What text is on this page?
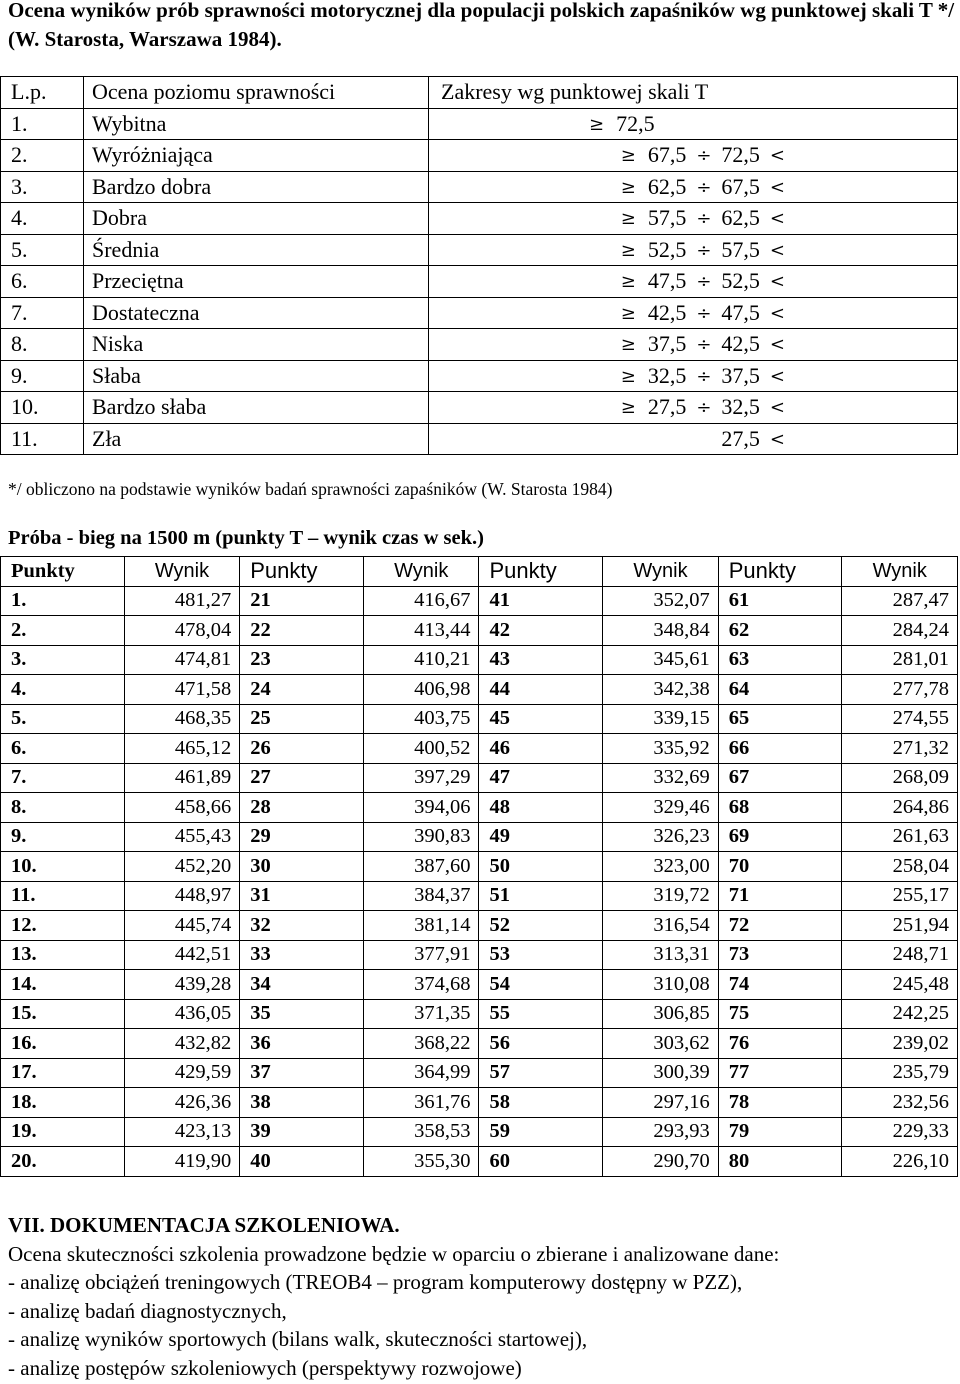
Ocena wyników prób sprawności motorycznej dla populacji polskich zapaśników wg punktowej skali T */ (W. Starosta, Warszawa 1984).
L.p.	Ocena poziomu sprawności	Zakresy wg punktowej skali T
1.	Wybitna	≥ 72,5
2.	Wyróżniająca	≥ 67,5 ÷ 72,5 <
3.	Bardzo dobra	≥ 62,5 ÷ 67,5 <
4.	Dobra	≥ 57,5 ÷ 62,5 <
5.	Średnia	≥ 52,5 ÷ 57,5 <
6.	Przeciętna	≥ 47,5 ÷ 52,5 <
7.	Dostateczna	≥ 42,5 ÷ 47,5 <
8.	Niska	≥ 37,5 ÷ 42,5 <
9.	Słaba	≥ 32,5 ÷ 37,5 <
10.	Bardzo słaba	≥ 27,5 ÷ 32,5 <
11.	Zła	27,5 <
*/ obliczono na podstawie wyników badań sprawności zapaśników (W. Starosta 1984)
Próba - bieg na 1500 m (punkty T – wynik czas w sek.)
Punkty	Wynik	Punkty	Wynik	Punkty	Wynik	Punkty	Wynik
1.	481,27	21	416,67	41	352,07	61	287,47
2.	478,04	22	413,44	42	348,84	62	284,24
3.	474,81	23	410,21	43	345,61	63	281,01
4.	471,58	24	406,98	44	342,38	64	277,78
5.	468,35	25	403,75	45	339,15	65	274,55
6.	465,12	26	400,52	46	335,92	66	271,32
7.	461,89	27	397,29	47	332,69	67	268,09
8.	458,66	28	394,06	48	329,46	68	264,86
9.	455,43	29	390,83	49	326,23	69	261,63
10.	452,20	30	387,60	50	323,00	70	258,04
11.	448,97	31	384,37	51	319,72	71	255,17
12.	445,74	32	381,14	52	316,54	72	251,94
13.	442,51	33	377,91	53	313,31	73	248,71
14.	439,28	34	374,68	54	310,08	74	245,48
15.	436,05	35	371,35	55	306,85	75	242,25
16.	432,82	36	368,22	56	303,62	76	239,02
17.	429,59	37	364,99	57	300,39	77	235,79
18.	426,36	38	361,76	58	297,16	78	232,56
19.	423,13	39	358,53	59	293,93	79	229,33
20.	419,90	40	355,30	60	290,70	80	226,10
VII. DOKUMENTACJA SZKOLENIOWA.
Ocena skuteczności szkolenia prowadzone będzie w oparciu o zbierane i analizowane dane:
- analizę obciążeń treningowych (TREOB4 – program komputerowy dostępny w PZZ),
- analizę badań diagnostycznych,
- analizę wyników sportowych (bilans walk, skuteczności startowej),
- analizę postępów szkoleniowych (perspektywy rozwojowe)
